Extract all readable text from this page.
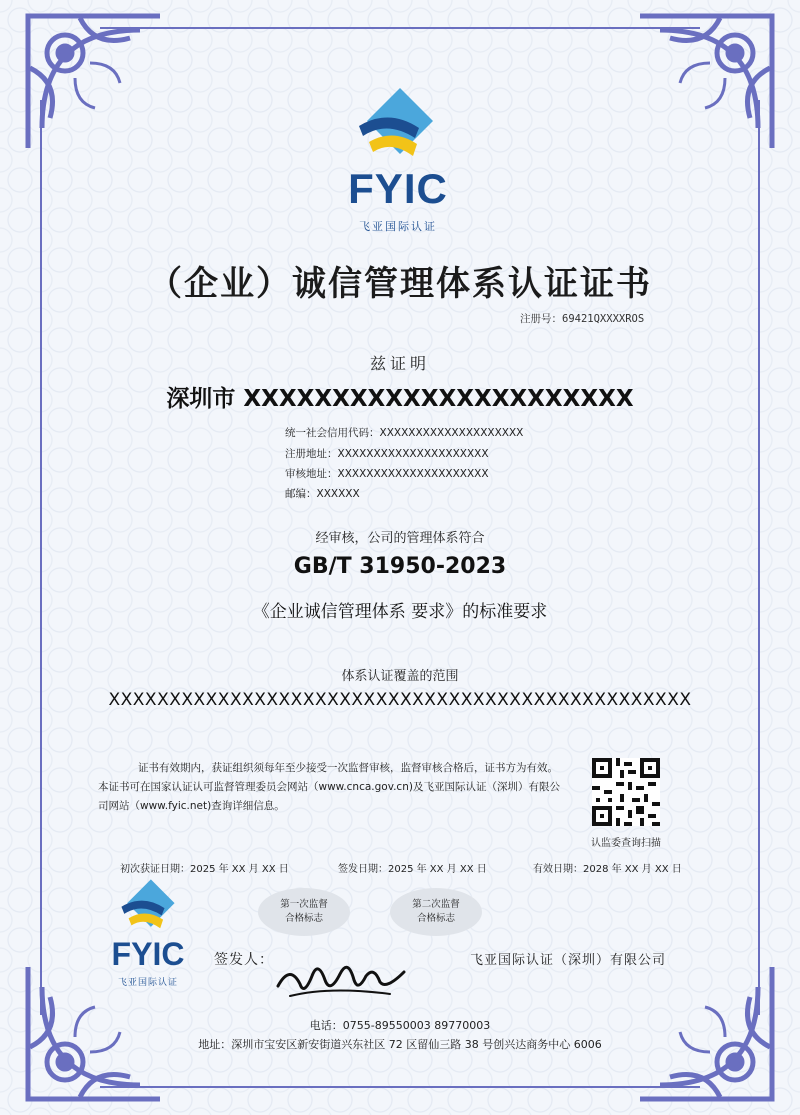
FYIC
飞亚国际认证
（企业）诚信管理体系认证证书
注册号：69421QXXXXROS
兹证明
深圳市 XXXXXXXXXXXXXXXXXXXXXX
统一社会信用代码：XXXXXXXXXXXXXXXXXXXX
注册地址：XXXXXXXXXXXXXXXXXXXXX
审核地址：XXXXXXXXXXXXXXXXXXXXX
邮编：XXXXXX
经审核，公司的管理体系符合
GB/T 31950-2023
《企业诚信管理体系 要求》的标准要求
体系认证覆盖的范围
XXXXXXXXXXXXXXXXXXXXXXXXXXXXXXXXXXXXXXXXXXXXXXXX
证书有效期内，获证组织须每年至少接受一次监督审核，监督审核合格后，证书方为有效。本证书可在国家认证认可监督管理委员会网站（www.cnca.gov.cn)及飞亚国际认证（深圳）有限公司网站（www.fyic.net)查询详细信息。
认监委查询扫描
初次获证日期：2025 年 XX 月 XX 日	签发日期：2025 年 XX 月 XX 日	有效日期：2028 年 XX 月 XX 日
第一次监督
合格标志
第二次监督
合格标志
FYIC
飞亚国际认证
签发人：	飞亚国际认证（深圳）有限公司
电话：0755-89550003 89770003
地址：深圳市宝安区新安街道兴东社区 72 区留仙三路 38 号创兴达商务中心 6006
